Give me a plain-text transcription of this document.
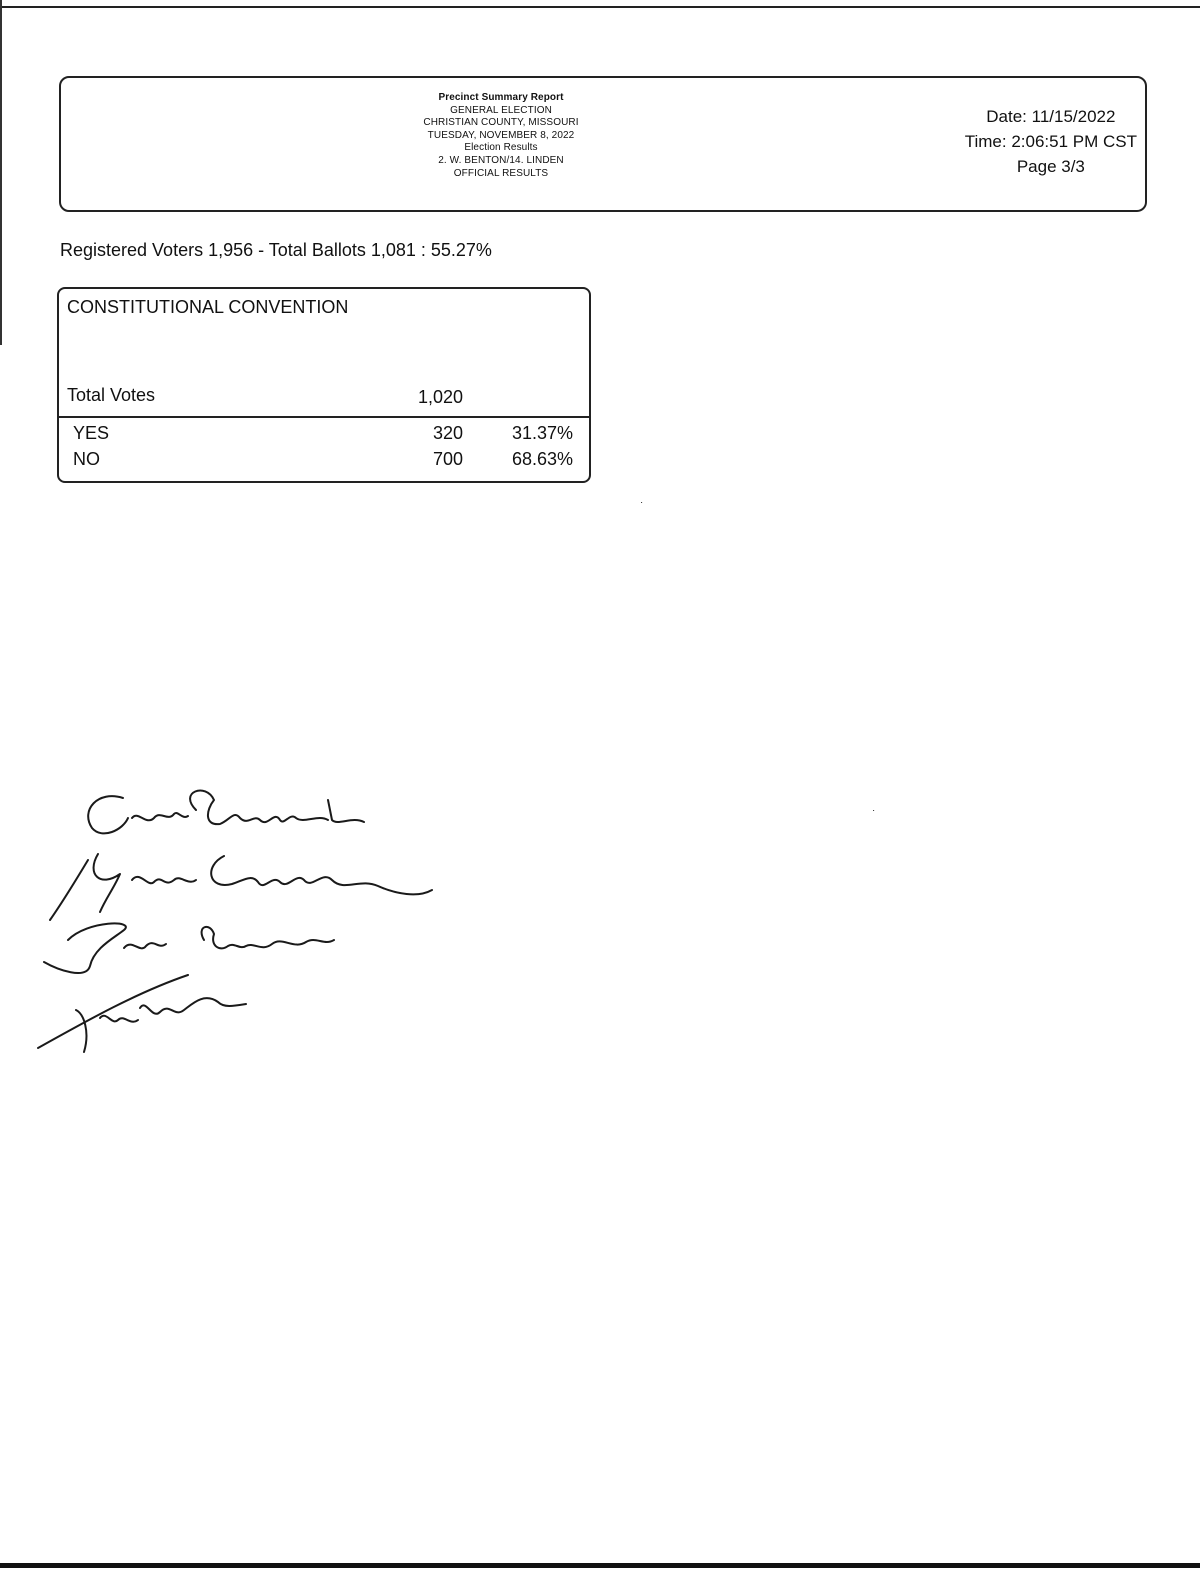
Precinct Summary Report
GENERAL ELECTION
CHRISTIAN COUNTY, MISSOURI
TUESDAY, NOVEMBER 8, 2022
Election Results
2. W. BENTON/14. LINDEN
OFFICIAL RESULTS
Date: 11/15/2022
Time: 2:06:51 PM CST
Page 3/3
Registered Voters 1,956 - Total Ballots 1,081 : 55.27%
CONSTITUTIONAL CONVENTION
Total Votes	1,020
YES	320	31.37%
NO	700	68.63%
⋅
⋅
